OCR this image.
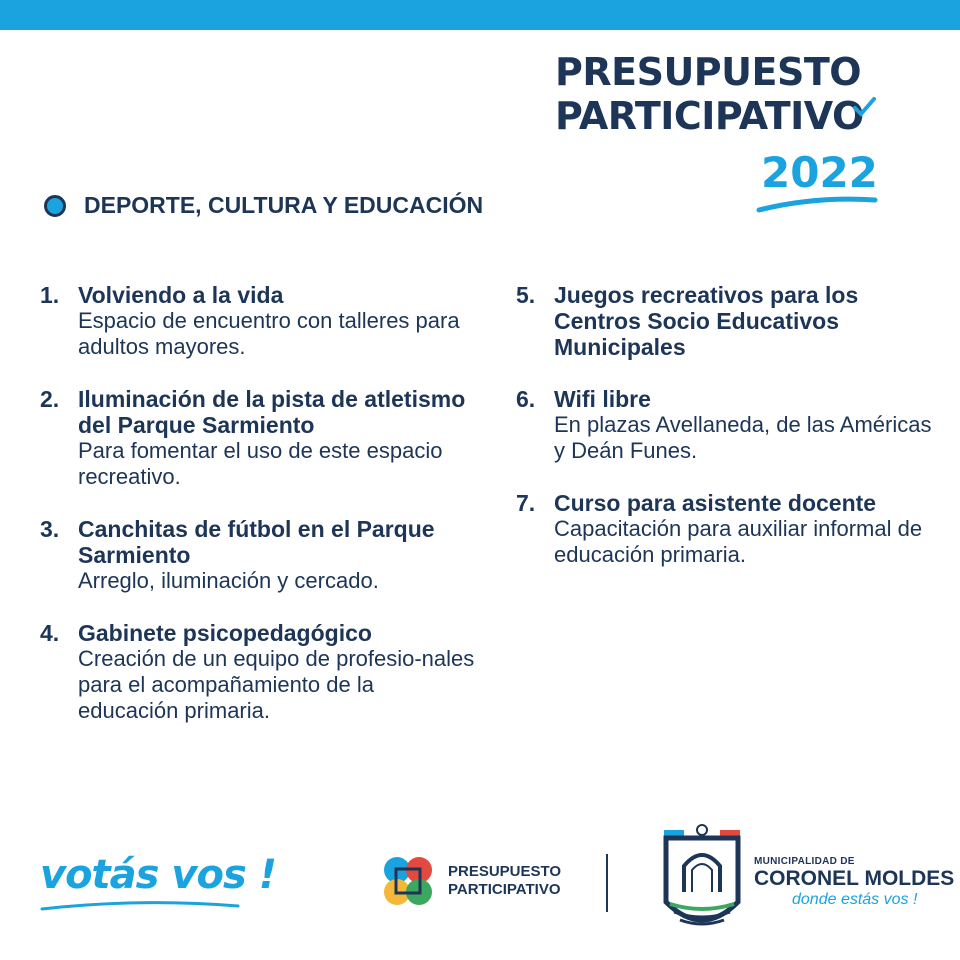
PRESUPUESTO
PARTICIPATIVO
2022
DEPORTE, CULTURA Y EDUCACIÓN
1. Volviendo a la vida
Espacio de encuentro con talleres para adultos mayores.
2. Iluminación de la pista de atletismo del Parque Sarmiento
Para fomentar el uso de este espacio recreativo.
3. Canchitas de fútbol en el Parque Sarmiento
Arreglo, iluminación y cercado.
4. Gabinete psicopedagógico
Creación de un equipo de profesio-nales para el acompañamiento de la educación primaria.
5. Juegos recreativos para los Centros Socio Educativos Municipales
6. Wifi libre
En plazas Avellaneda, de las Américas y Deán Funes.
7. Curso para asistente docente
Capacitación para auxiliar informal de educación primaria.
votás vos !	PRESUPUESTO
PARTICIPATIVO
MUNICIPALIDAD DE
CORONEL MOLDES
donde estás vos !
